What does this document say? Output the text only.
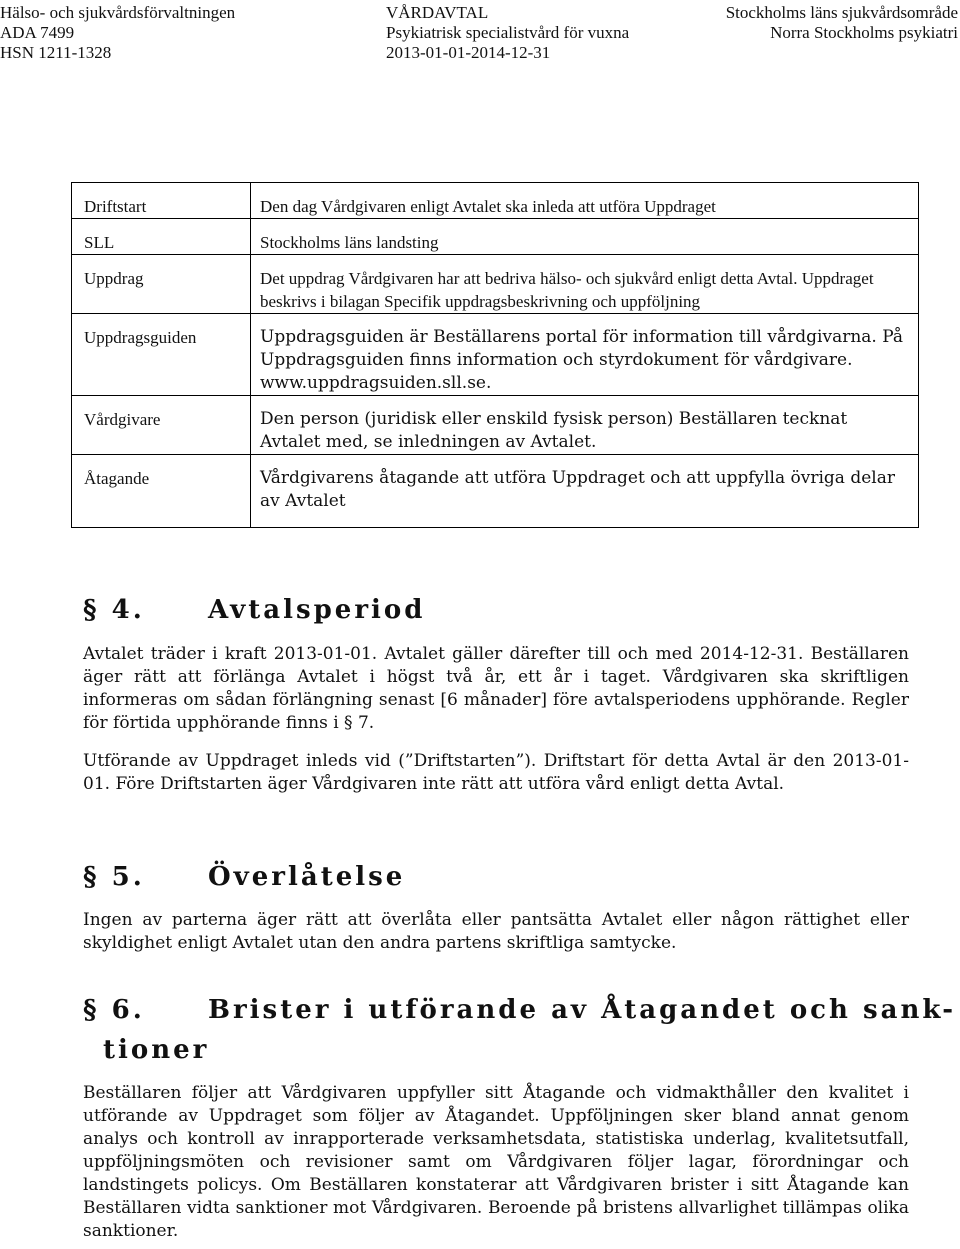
Hälso- och sjukvårdsförvaltningen	VÅRDAVTAL	Stockholms läns sjukvårdsområde
ADA 7499	Psykiatrisk specialistvård för vuxna	Norra Stockholms psykiatri
HSN 1211-1328	2013-01-01-2014-12-31
Driftstart	Den dag Vårdgivaren enligt Avtalet ska inleda att utföra Uppdraget
SLL	Stockholms läns landsting
Uppdrag	Det uppdrag Vårdgivaren har att bedriva hälso- och sjukvård enligt detta Avtal. Uppdraget beskrivs i bilagan Specifik uppdragsbeskrivning och uppföljning
Uppdragsguiden	Uppdragsguiden är Beställarens portal för information till vårdgivarna. På Uppdragsguiden finns information och styrdokument för vårdgivare. www.uppdragsuiden.sll.se.
Vårdgivare	Den person (juridisk eller enskild fysisk person) Beställaren tecknat Avtalet med, se inledningen av Avtalet.
Åtagande	Vårdgivarens åtagande att utföra Uppdraget och att uppfylla övriga delar av Avtalet
§ 4. Avtalsperiod

Avtalet träder i kraft 2013-01-01. Avtalet gäller därefter till och med 2014-12-31. Beställaren äger rätt att förlänga Avtalet i högst två år, ett år i taget. Vårdgivaren ska skriftligen informeras om sådan förlängning senast [6 månader] före avtalsperiodens upphörande. Regler för förtida upphörande finns i § 7.

Utförande av Uppdraget inleds vid (”Driftstarten”). Driftstart för detta Avtal är den 2013-01-01. Före Driftstarten äger Vårdgivaren inte rätt att utföra vård enligt detta Avtal.

§ 5. Överlåtelse

Ingen av parterna äger rätt att överlåta eller pantsätta Avtalet eller någon rättighet eller skyldighet enligt Avtalet utan den andra partens skriftliga samtycke.

§ 6. Brister i utförande av Åtagandet och sank-
tioner

Beställaren följer att Vårdgivaren uppfyller sitt Åtagande och vidmakthåller den kvalitet i utförande av Uppdraget som följer av Åtagandet. Uppföljningen sker bland annat genom analys och kontroll av inrapporterade verksamhetsdata, statistiska underlag, kvalitetsutfall, uppföljningsmöten och revisioner samt om Vårdgivaren följer lagar, förordningar och landstingets policys. Om Beställaren konstaterar att Vårdgivaren brister i sitt Åtagande kan Beställaren vidta sanktioner mot Vårdgivaren. Beroende på bristens allvarlighet tillämpas olika sanktioner.
